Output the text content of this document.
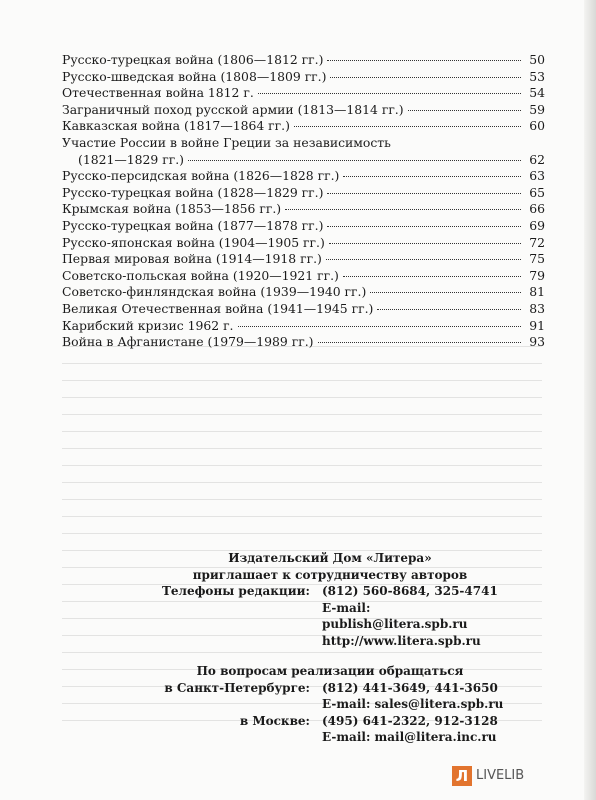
Русско-турецкая война (1806—1812 гг.)	50
Русско-шведская война (1808—1809 гг.)	53
Отечественная война 1812 г.	54
Заграничный поход русской армии (1813—1814 гг.)	59
Кавказская война (1817—1864 гг.)	60
Участие России в войне Греции за независимость
(1821—1829 гг.)	62
Русско-персидская война (1826—1828 гг.)	63
Русско-турецкая война (1828—1829 гг.)	65
Крымская война (1853—1856 гг.)	66
Русско-турецкая война (1877—1878 гг.)	69
Русско-японская война (1904—1905 гг.)	72
Первая мировая война (1914—1918 гг.)	75
Советско-польская война (1920—1921 гг.)	79
Советско-финляндская война (1939—1940 гг.)	81
Великая Отечественная война (1941—1945 гг.)	83
Карибский кризис 1962 г.	91
Война в Афганистане (1979—1989 гг.)	93
Издательский Дом «Литера»
приглашает к сотрудничеству авторов
Телефоны редакции:	(812) 560-8684, 325-4741
E-mail: publish@litera.spb.ru
http://www.litera.spb.ru
По вопросам реализации обращаться
в Санкт-Петербурге:	(812) 441-3649, 441-3650
E-mail: sales@litera.spb.ru
в Москве:	(495) 641-2322, 912-3128
E-mail: mail@litera.inc.ru
Л LIVELIB
